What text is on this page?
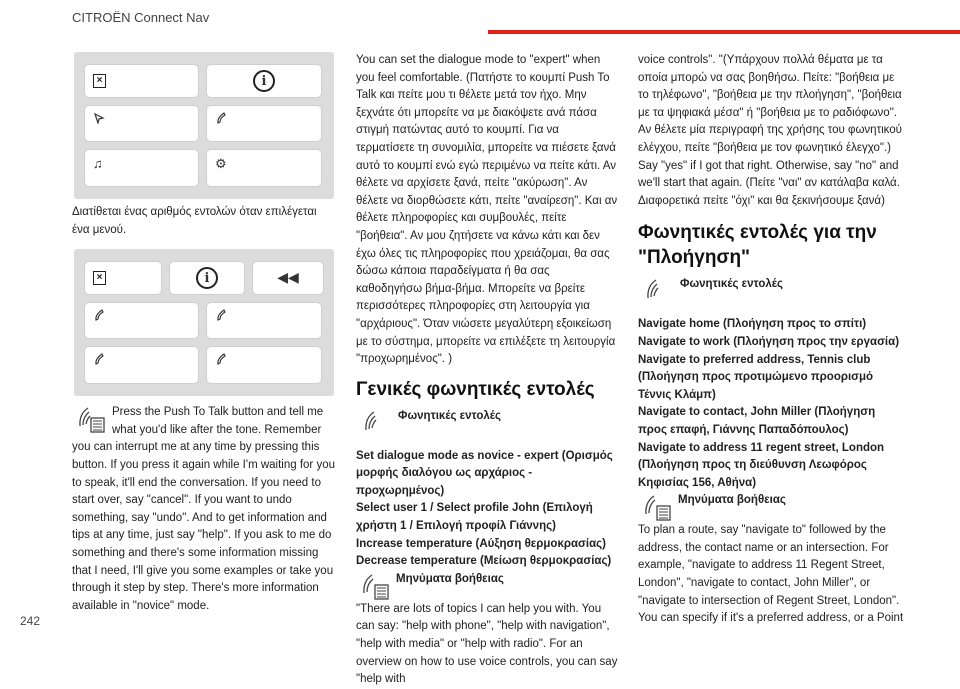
CITROËN Connect Nav
×	i
♫	⚙

Διατίθεται ένας αριθμός εντολών όταν επιλέγεται ένα μενού.

×	i	◀◀
Press the Push To Talk button and tell me what you'd like after the tone. Remember you can interrupt me at any time by pressing this button. If you press it again while I'm waiting for you to speak, it'll end the conversation. If you need to start over, say "cancel". If you want to undo something, say "undo". And to get information and tips at any time, just say "help". If you ask to me do something and there's some information missing that I need, I'll give you some examples or take you through it step by step. There's more information available in "novice" mode.

You can set the dialogue mode to "expert" when you feel comfortable. (Πατήστε το κουμπί Push To Talk και πείτε μου τι θέλετε μετά τον ήχο. Μην ξεχνάτε ότι μπορείτε να με διακόψετε ανά πάσα στιγμή πατώντας αυτό το κουμπί. Για να τερματίσετε τη συνομιλία, μπορείτε να πιέσετε ξανά αυτό το κουμπί ενώ εγώ περιμένω να πείτε κάτι. Αν θέλετε να αρχίσετε ξανά, πείτε "ακύρωση". Αν θέλετε να διορθώσετε κάτι, πείτε "αναίρεση". Και αν θέλετε πληροφορίες και συμβουλές, πείτε "βοήθεια". Αν μου ζητήσετε να κάνω κάτι και δεν έχω όλες τις πληροφορίες που χρειάζομαι, θα σας δώσω κάποια παραδείγματα ή θα σας καθοδηγήσω βήμα-βήμα. Μπορείτε να βρείτε περισσότερες πληροφορίες στη λειτουργία για "αρχάριους". Όταν νιώσετε μεγαλύτερη εξοικείωση με το σύστημα, μπορείτε να επιλέξετε τη λειτουργία "προχωρημένος". )

Γενικές φωνητικές εντολές
Φωνητικές εντολές

Set dialogue mode as novice - expert (Ορισμός μορφής διαλόγου ως αρχάριος - προχωρημένος)

Select user 1 / Select profile John (Επιλογή χρήστη 1 / Επιλογή προφίλ Γιάννης)

Increase temperature (Αύξηση θερμοκρασίας)

Decrease temperature (Μείωση θερμοκρασίας)

Μηνύματα βοήθειας

"There are lots of topics I can help you with. You can say: "help with phone", "help with navigation", "help with media" or "help with radio". For an overview on how to use voice controls, you can say "help with

voice controls". "(Υπάρχουν πολλά θέματα με τα οποία μπορώ να σας βοηθήσω. Πείτε: "βοήθεια με το τηλέφωνο", "βοήθεια με την πλοήγηση", "βοήθεια με τα ψηφιακά μέσα" ή "βοήθεια με το ραδιόφωνο". Αν θέλετε μία περιγραφή της χρήσης του φωνητικού ελέγχου, πείτε "βοήθεια με τον φωνητικό έλεγχο".) Say "yes" if I got that right. Otherwise, say "no" and we'll start that again. (Πείτε "ναι" αν κατάλαβα καλά. Διαφορετικά πείτε "όχι" και θα ξεκινήσουμε ξανά)

Φωνητικές εντολές για την "Πλοήγηση"
Φωνητικές εντολές

Navigate home (Πλοήγηση προς το σπίτι)

Navigate to work (Πλοήγηση προς την εργασία)

Navigate to preferred address, Tennis club (Πλοήγηση προς προτιμώμενο προορισμό Τέννις Κλάμπ)

Navigate to contact, John Miller (Πλοήγηση προς επαφή, Γιάννης Παπαδόπουλος)

Navigate to address 11 regent street, London (Πλοήγηση προς τη διεύθυνση Λεωφόρος Κηφισίας 156, Αθήνα)

Μηνύματα βοήθειας

To plan a route, say "navigate to" followed by the address, the contact name or an intersection. For example, "navigate to address 11 Regent Street, London", "navigate to contact, John Miller", or "navigate to intersection of Regent Street, London". You can specify if it's a preferred address, or a Point

242
